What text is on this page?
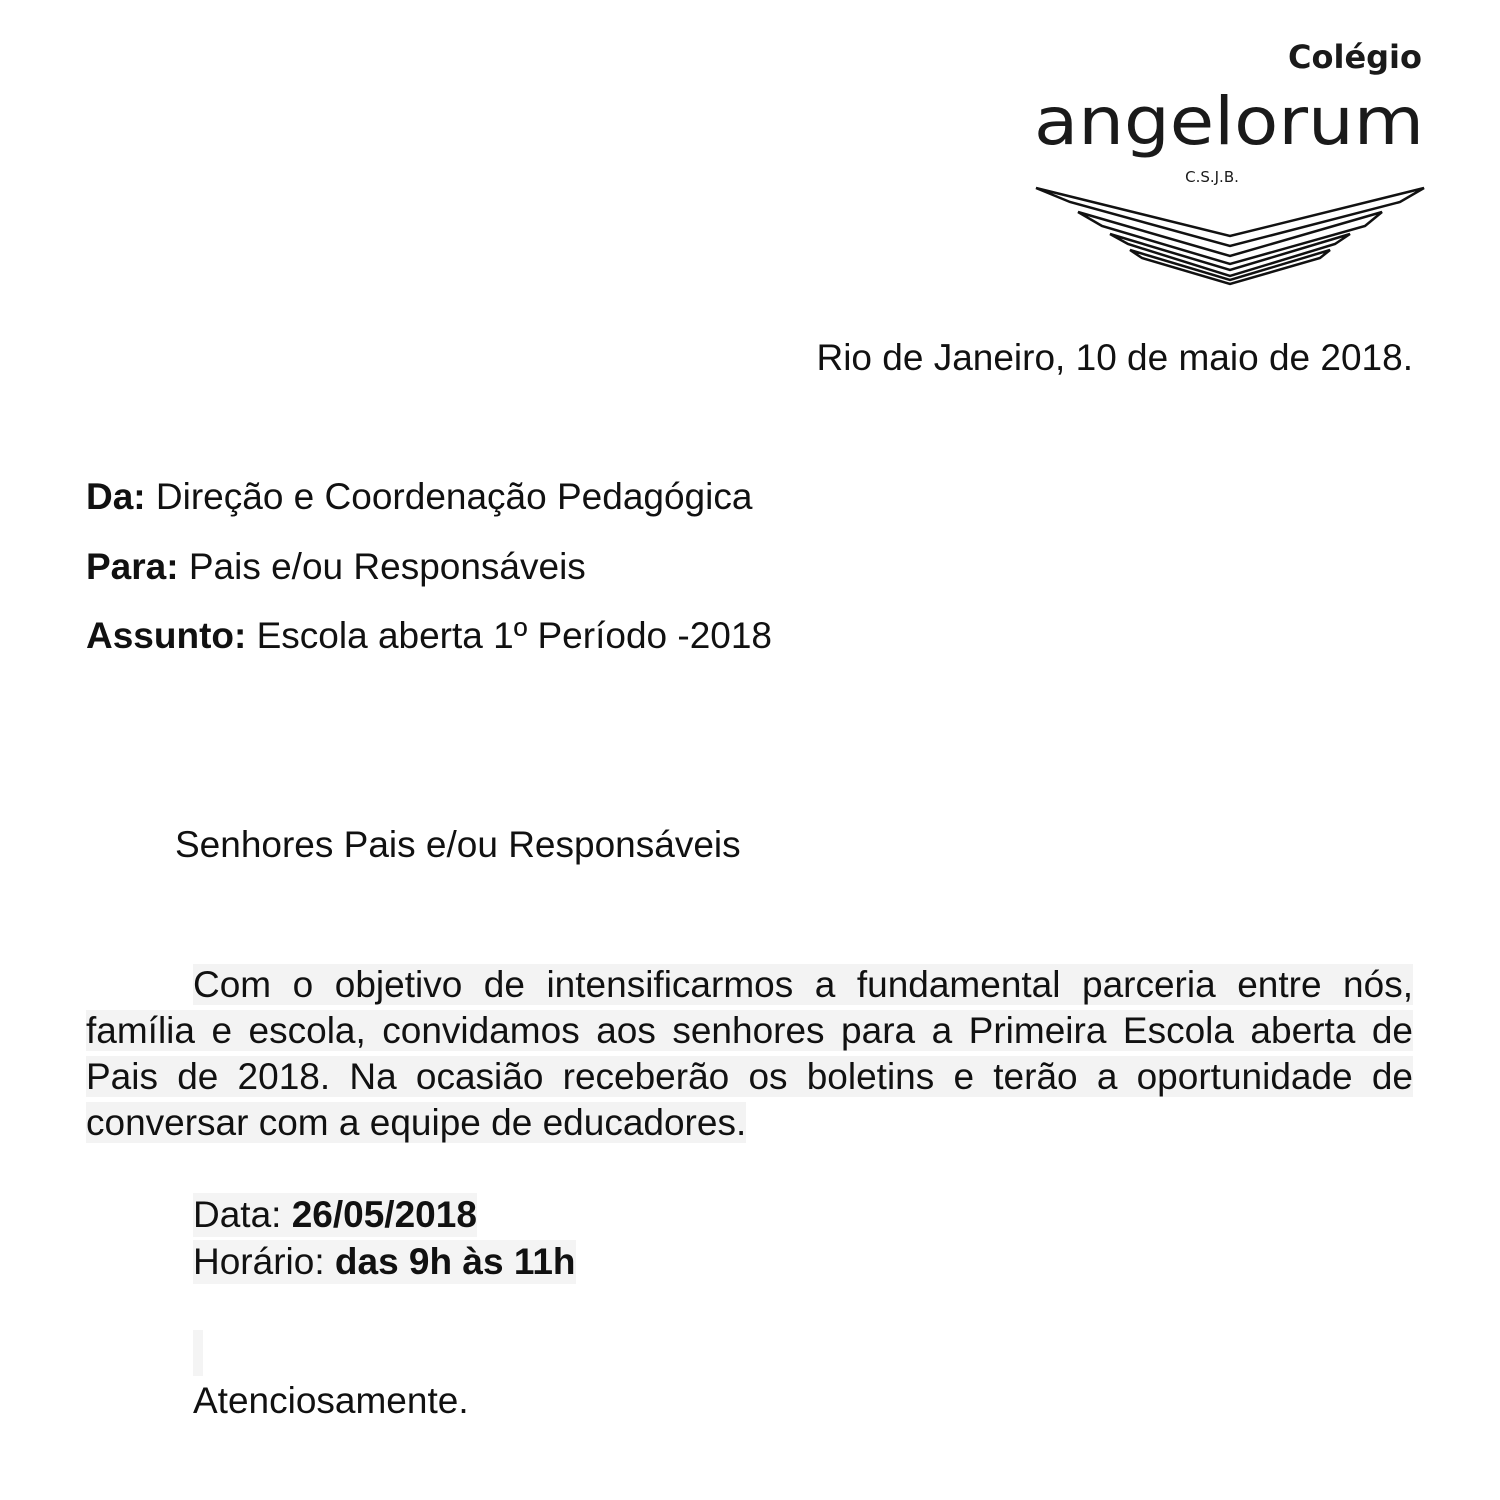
Colégio
angelorum
C.S.J.B.
Rio de Janeiro, 10 de maio de 2018.
Da: Direção e Coordenação Pedagógica
Para: Pais e/ou Responsáveis
Assunto: Escola aberta 1º Período -2018
Senhores Pais e/ou Responsáveis
Com o objetivo de intensificarmos a fundamental parceria entre nós, família e escola, convidamos aos senhores para a Primeira Escola aberta de Pais de 2018. Na ocasião receberão os boletins e terão a oportunidade de conversar com a equipe de educadores.
Data: 26/05/2018
Horário: das 9h às 11h
Atenciosamente.
